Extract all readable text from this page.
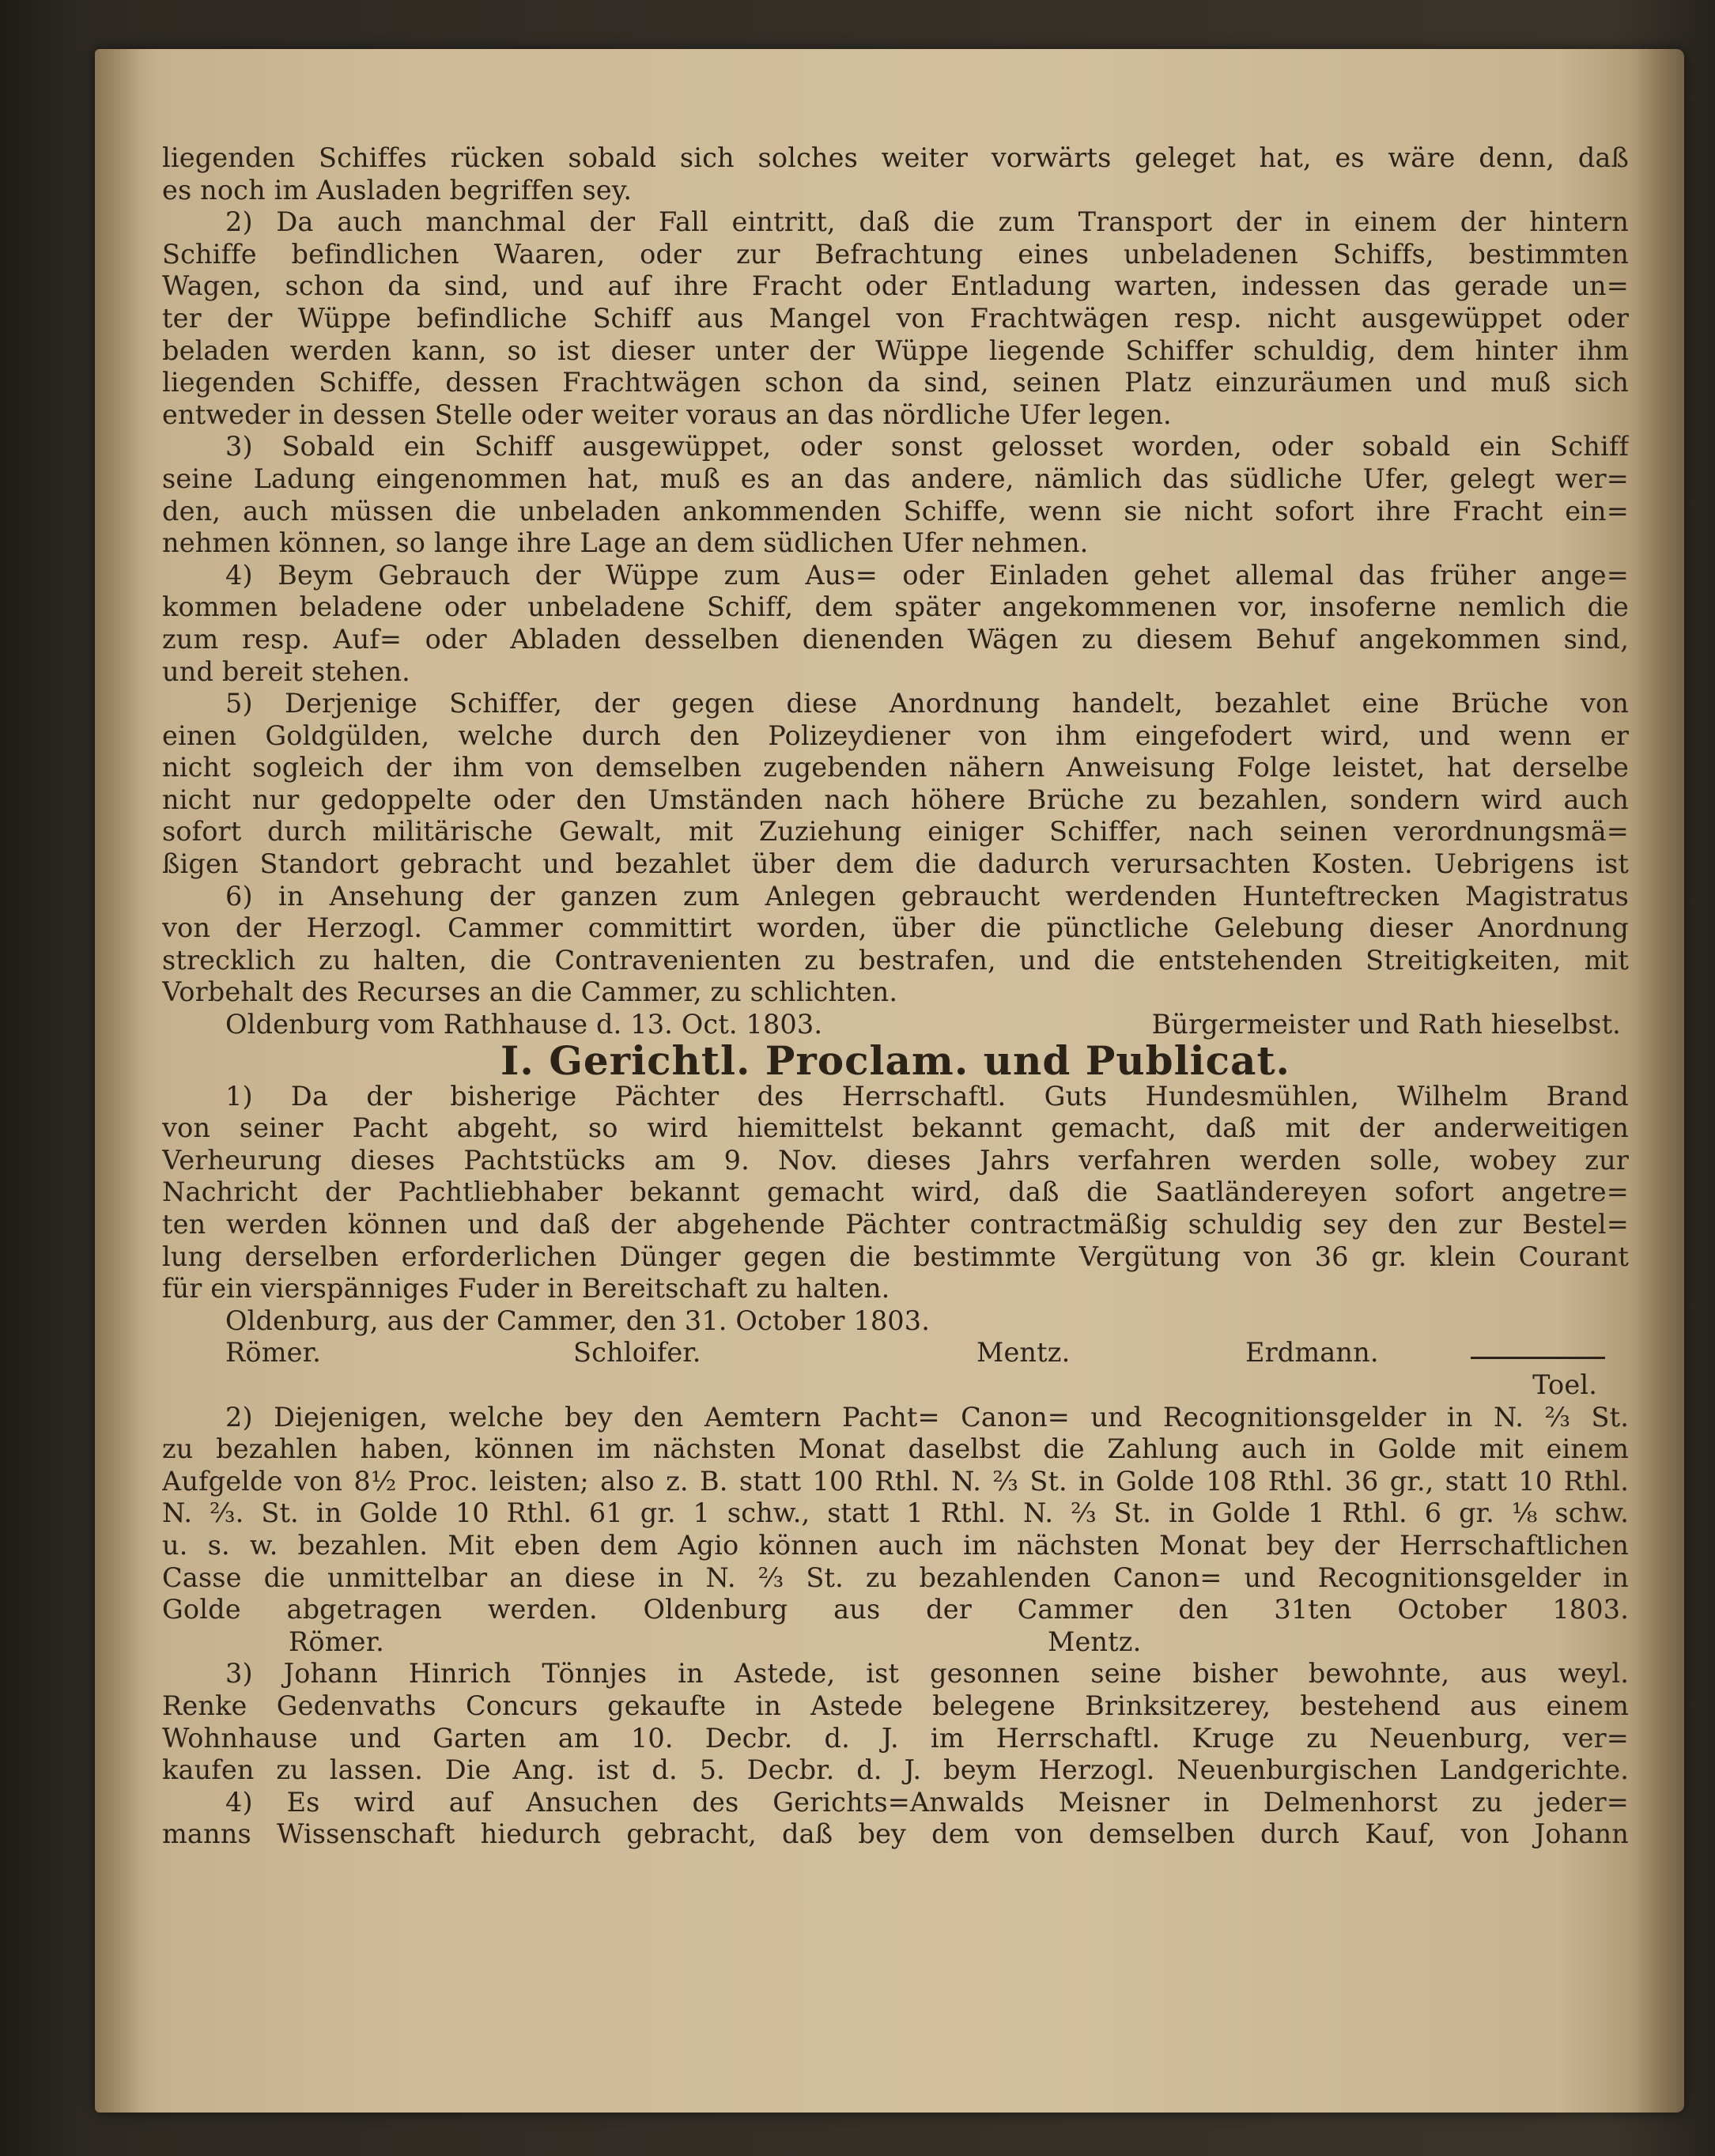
liegenden Schiffes rücken sobald sich solches weiter vorwärts geleget hat, es wäre denn, daß
es noch im Ausladen begriffen sey.
2) Da auch manchmal der Fall eintritt, daß die zum Transport der in einem der hintern
Schiffe befindlichen Waaren, oder zur Befrachtung eines unbeladenen Schiffs, bestimmten
Wagen, schon da sind, und auf ihre Fracht oder Entladung warten, indessen das gerade un=
ter der Wüppe befindliche Schiff aus Mangel von Frachtwägen resp. nicht ausgewüppet oder
beladen werden kann, so ist dieser unter der Wüppe liegende Schiffer schuldig, dem hinter ihm
liegenden Schiffe, dessen Frachtwägen schon da sind, seinen Platz einzuräumen und muß sich
entweder in dessen Stelle oder weiter voraus an das nördliche Ufer legen.
3) Sobald ein Schiff ausgewüppet, oder sonst gelosset worden, oder sobald ein Schiff
seine Ladung eingenommen hat, muß es an das andere, nämlich das südliche Ufer, gelegt wer=
den, auch müssen die unbeladen ankommenden Schiffe, wenn sie nicht sofort ihre Fracht ein=
nehmen können, so lange ihre Lage an dem südlichen Ufer nehmen.
4) Beym Gebrauch der Wüppe zum Aus= oder Einladen gehet allemal das früher ange=
kommen beladene oder unbeladene Schiff, dem später angekommenen vor, insoferne nemlich die
zum resp. Auf= oder Abladen desselben dienenden Wägen zu diesem Behuf angekommen sind,
und bereit stehen.
5) Derjenige Schiffer, der gegen diese Anordnung handelt, bezahlet eine Brüche von
einen Goldgülden, welche durch den Polizeydiener von ihm eingefodert wird, und wenn er
nicht sogleich der ihm von demselben zugebenden nähern Anweisung Folge leistet, hat derselbe
nicht nur gedoppelte oder den Umständen nach höhere Brüche zu bezahlen, sondern wird auch
sofort durch militärische Gewalt, mit Zuziehung einiger Schiffer, nach seinen verordnungsmä=
ßigen Standort gebracht und bezahlet über dem die dadurch verursachten Kosten. Uebrigens ist
6) in Ansehung der ganzen zum Anlegen gebraucht werdenden Hunteftrecken Magistratus
von der Herzogl. Cammer committirt worden, über die pünctliche Gelebung dieser Anordnung
strecklich zu halten, die Contravenienten zu bestrafen, und die entstehenden Streitigkeiten, mit
Vorbehalt des Recurses an die Cammer, zu schlichten.
Oldenburg vom Rathhause d. 13. Oct. 1803.	Bürgermeister und Rath hieselbst.
I. Gerichtl. Proclam. und Publicat.
1) Da der bisherige Pächter des Herrschaftl. Guts Hundesmühlen, Wilhelm Brand
von seiner Pacht abgeht, so wird hiemittelst bekannt gemacht, daß mit der anderweitigen
Verheurung dieses Pachtstücks am 9. Nov. dieses Jahrs verfahren werden solle, wobey zur
Nachricht der Pachtliebhaber bekannt gemacht wird, daß die Saatländereyen sofort angetre=
ten werden können und daß der abgehende Pächter contractmäßig schuldig sey den zur Bestel=
lung derselben erforderlichen Dünger gegen die bestimmte Vergütung von 36 gr. klein Courant
für ein vierspänniges Fuder in Bereitschaft zu halten.
Oldenburg, aus der Cammer, den 31. October 1803.
Römer.	Schloifer.	Mentz.	Erdmann.
Toel.
2) Diejenigen, welche bey den Aemtern Pacht= Canon= und Recognitionsgelder in N. ⅔ St.
zu bezahlen haben, können im nächsten Monat daselbst die Zahlung auch in Golde mit einem
Aufgelde von 8½ Proc. leisten; also z. B. statt 100 Rthl. N. ⅔ St. in Golde 108 Rthl. 36 gr., statt 10 Rthl.
N. ⅔. St. in Golde 10 Rthl. 61 gr. 1 schw., statt 1 Rthl. N. ⅔ St. in Golde 1 Rthl. 6 gr. ⅛ schw.
u. s. w. bezahlen. Mit eben dem Agio können auch im nächsten Monat bey der Herrschaftlichen
Casse die unmittelbar an diese in N. ⅔ St. zu bezahlenden Canon= und Recognitionsgelder in
Golde abgetragen werden. Oldenburg aus der Cammer den 31ten October 1803.
Römer.	Mentz.
3) Johann Hinrich Tönnjes in Astede, ist gesonnen seine bisher bewohnte, aus weyl.
Renke Gedenvaths Concurs gekaufte in Astede belegene Brinksitzerey, bestehend aus einem
Wohnhause und Garten am 10. Decbr. d. J. im Herrschaftl. Kruge zu Neuenburg, ver=
kaufen zu lassen. Die Ang. ist d. 5. Decbr. d. J. beym Herzogl. Neuenburgischen Landgerichte.
4) Es wird auf Ansuchen des Gerichts=Anwalds Meisner in Delmenhorst zu jeder=
manns Wissenschaft hiedurch gebracht, daß bey dem von demselben durch Kauf, von Johann
